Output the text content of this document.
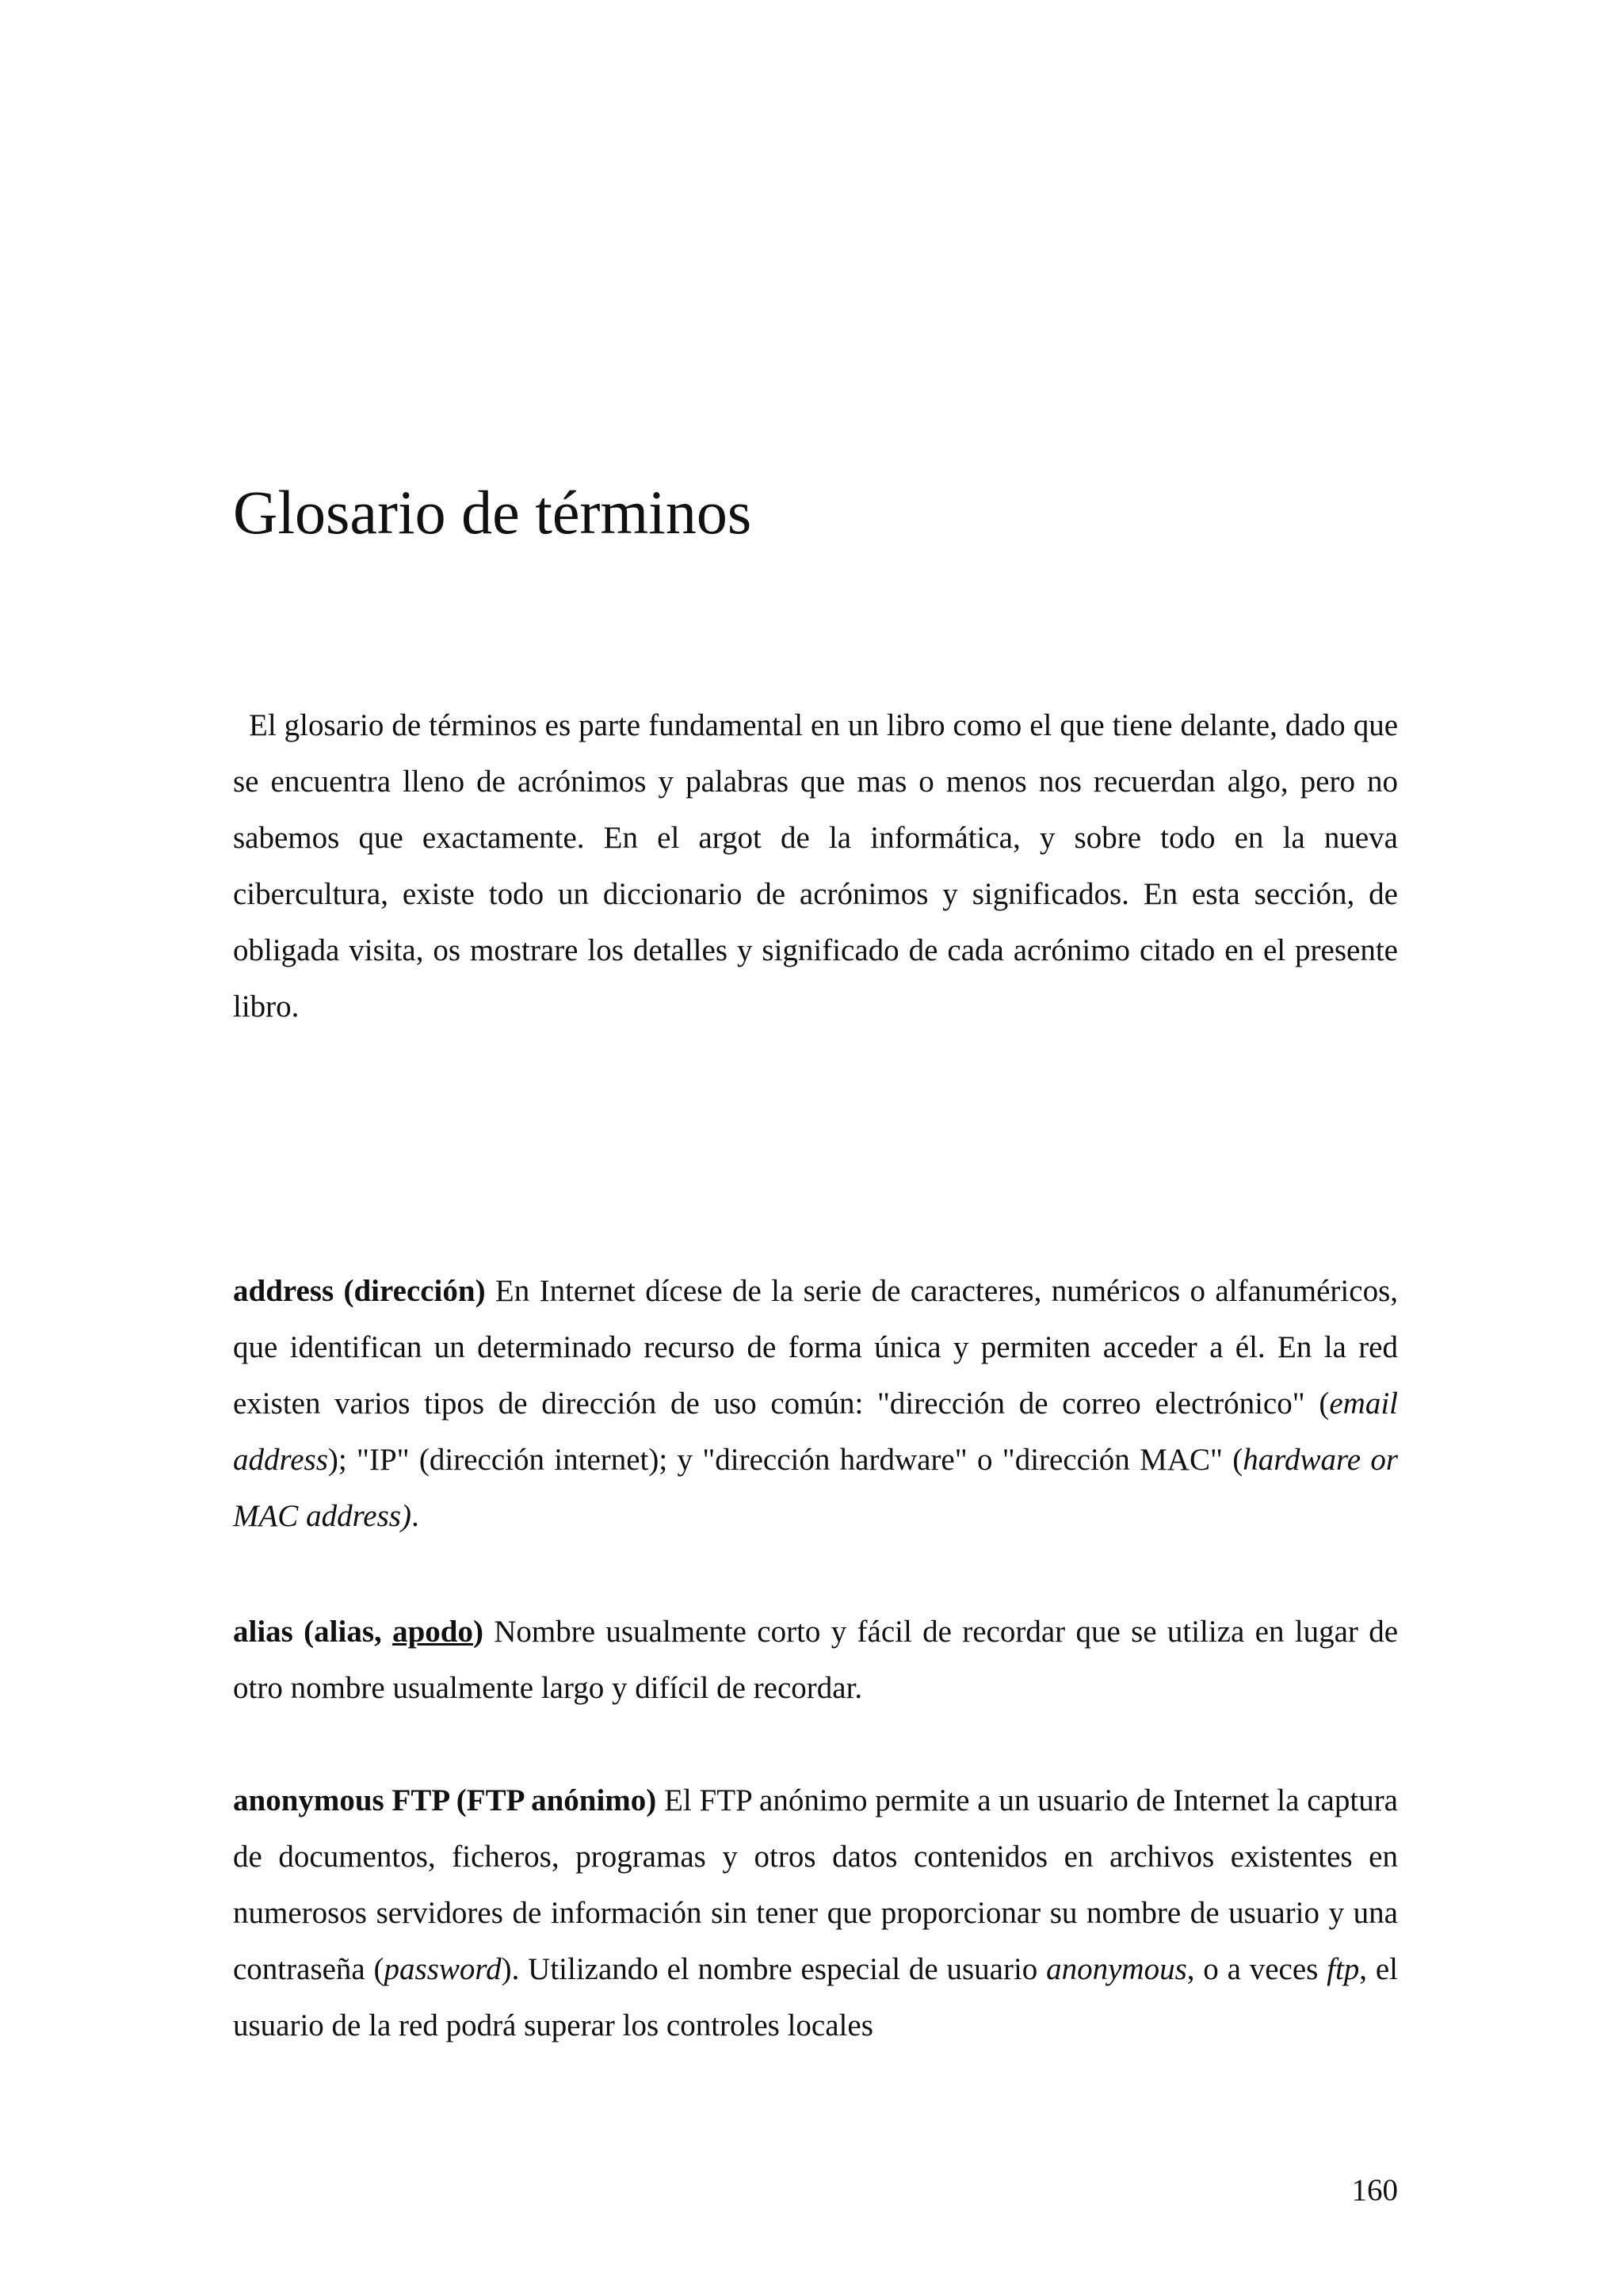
Glosario de términos

El glosario de términos es parte fundamental en un libro como el que tiene delante, dado que se encuentra lleno de acrónimos y palabras que mas o menos nos recuerdan algo, pero no sabemos que exactamente. En el argot de la informática, y sobre todo en la nueva cibercultura, existe todo un diccionario de acrónimos y significados. En esta sección, de obligada visita, os mostrare los detalles y significado de cada acrónimo citado en el presente libro.

address (dirección) En Internet dícese de la serie de caracteres, numéricos o alfanuméricos, que identifican un determinado recurso de forma única y permiten acceder a él. En la red existen varios tipos de dirección de uso común: "dirección de correo electrónico" (email address); "IP" (dirección internet); y "dirección hardware" o "dirección MAC" (hardware or MAC address).

alias (alias, apodo) Nombre usualmente corto y fácil de recordar que se utiliza en lugar de otro nombre usualmente largo y difícil de recordar.

anonymous FTP (FTP anónimo) El FTP anónimo permite a un usuario de Internet la captura de documentos, ficheros, programas y otros datos contenidos en archivos existentes en numerosos servidores de información sin tener que proporcionar su nombre de usuario y una contraseña (password). Utilizando el nombre especial de usuario anonymous, o a veces ftp, el usuario de la red podrá superar los controles locales

160
